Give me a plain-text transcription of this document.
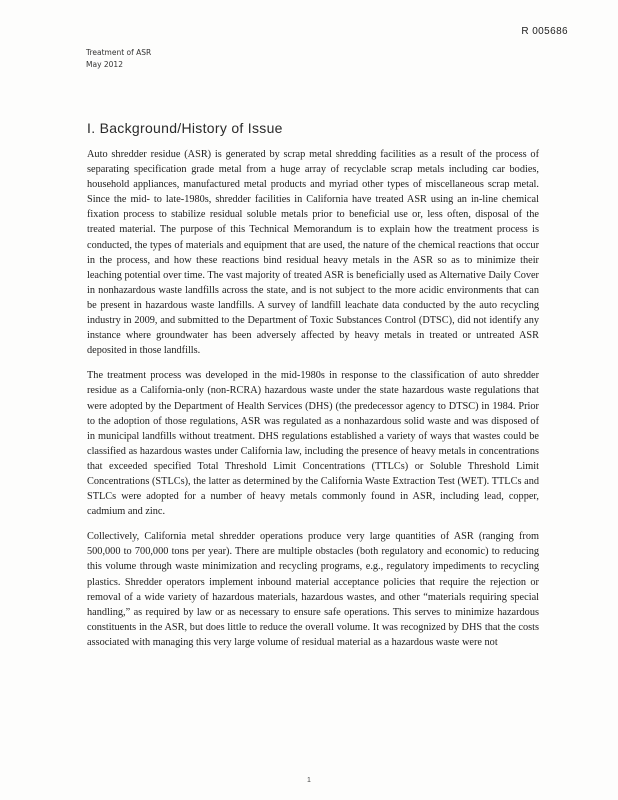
R 005686
Treatment of ASR
May 2012
I. Background/History of Issue

Auto shredder residue (ASR) is generated by scrap metal shredding facilities as a result of the process of separating specification grade metal from a huge array of recyclable scrap metals including car bodies, household appliances, manufactured metal products and myriad other types of miscellaneous scrap metal. Since the mid- to late-1980s, shredder facilities in California have treated ASR using an in-line chemical fixation process to stabilize residual soluble metals prior to beneficial use or, less often, disposal of the treated material. The purpose of this Technical Memorandum is to explain how the treatment process is conducted, the types of materials and equipment that are used, the nature of the chemical reactions that occur in the process, and how these reactions bind residual heavy metals in the ASR so as to minimize their leaching potential over time. The vast majority of treated ASR is beneficially used as Alternative Daily Cover in nonhazardous waste landfills across the state, and is not subject to the more acidic environments that can be present in hazardous waste landfills. A survey of landfill leachate data conducted by the auto recycling industry in 2009, and submitted to the Department of Toxic Substances Control (DTSC), did not identify any instance where groundwater has been adversely affected by heavy metals in treated or untreated ASR deposited in those landfills.

The treatment process was developed in the mid-1980s in response to the classification of auto shredder residue as a California-only (non-RCRA) hazardous waste under the state hazardous waste regulations that were adopted by the Department of Health Services (DHS) (the predecessor agency to DTSC) in 1984. Prior to the adoption of those regulations, ASR was regulated as a nonhazardous solid waste and was disposed of in municipal landfills without treatment. DHS regulations established a variety of ways that wastes could be classified as hazardous wastes under California law, including the presence of heavy metals in concentrations that exceeded specified Total Threshold Limit Concentrations (TTLCs) or Soluble Threshold Limit Concentrations (STLCs), the latter as determined by the California Waste Extraction Test (WET). TTLCs and STLCs were adopted for a number of heavy metals commonly found in ASR, including lead, copper, cadmium and zinc.

Collectively, California metal shredder operations produce very large quantities of ASR (ranging from 500,000 to 700,000 tons per year). There are multiple obstacles (both regulatory and economic) to reducing this volume through waste minimization and recycling programs, e.g., regulatory impediments to recycling plastics. Shredder operators implement inbound material acceptance policies that require the rejection or removal of a wide variety of hazardous materials, hazardous wastes, and other “materials requiring special handling,” as required by law or as necessary to ensure safe operations. This serves to minimize hazardous constituents in the ASR, but does little to reduce the overall volume. It was recognized by DHS that the costs associated with managing this very large volume of residual material as a hazardous waste were not

1
